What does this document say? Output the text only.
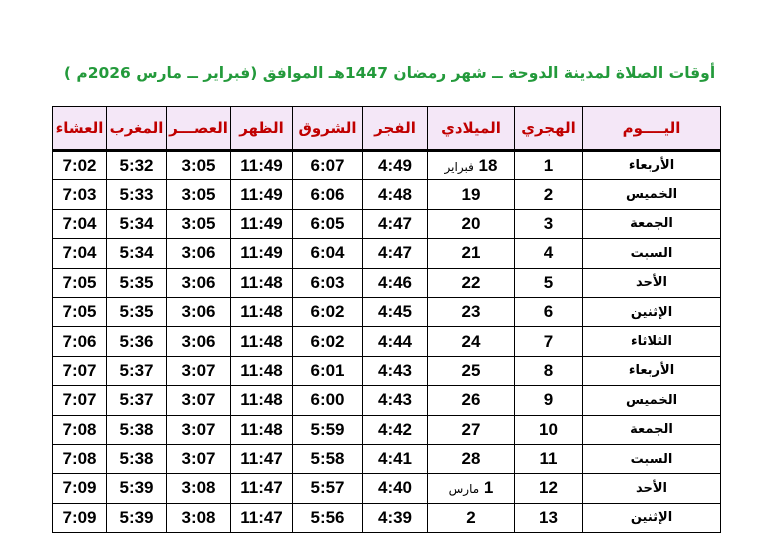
أوقات الصلاة لمدينة الدوحة ــ شهر رمضان 1447هـ الموافق (فبراير ــ مارس 2026م )
اليــــوم	الهجري	الميلادي	الفجر	الشروق	الظهر	العصـــر	المغرب	العشاء
الأربعاء	1	18 فبراير	4:49	6:07	11:49	3:05	5:32	7:02
الخميس	2	19	4:48	6:06	11:49	3:05	5:33	7:03
الجمعة	3	20	4:47	6:05	11:49	3:05	5:34	7:04
السبت	4	21	4:47	6:04	11:49	3:06	5:34	7:04
الأحد	5	22	4:46	6:03	11:48	3:06	5:35	7:05
الإثنين	6	23	4:45	6:02	11:48	3:06	5:35	7:05
الثلاثاء	7	24	4:44	6:02	11:48	3:06	5:36	7:06
الأربعاء	8	25	4:43	6:01	11:48	3:07	5:37	7:07
الخميس	9	26	4:43	6:00	11:48	3:07	5:37	7:07
الجمعة	10	27	4:42	5:59	11:48	3:07	5:38	7:08
السبت	11	28	4:41	5:58	11:47	3:07	5:38	7:08
الأحد	12	1 مارس	4:40	5:57	11:47	3:08	5:39	7:09
الإثنين	13	2	4:39	5:56	11:47	3:08	5:39	7:09
